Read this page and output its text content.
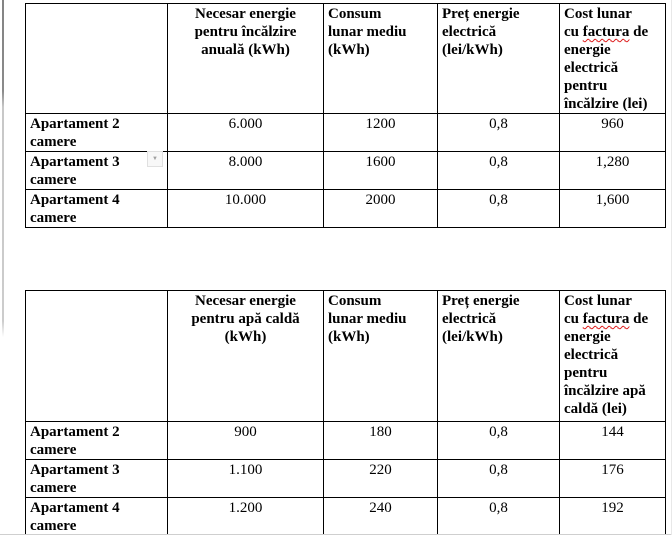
Necesar energie
pentru încălzire
anuală (kWh)

Consum
lunar mediu
(kWh)

Preț energie
electrică
(lei/kWh)

Cost lunar
cu factura de
energie
electrică
pentru
încălzire (lei)

Apartament 2 camere	6.000	1200	0,8	960
Apartament 3 camere	8.000	1600	0,8	1,280
Apartament 4 camere	10.000	2000	0,8	1,600

Necesar energie
pentru apă caldă
(kWh)

Consum
lunar mediu
(kWh)

Preț energie
electrică
(lei/kWh)

Cost lunar
cu factura de
energie
electrică
pentru
încălzire apă
caldă (lei)

Apartament 2 camere	900	180	0,8	144
Apartament 3 camere	1.100	220	0,8	176
Apartament 4 camere	1.200	240	0,8	192
▼
